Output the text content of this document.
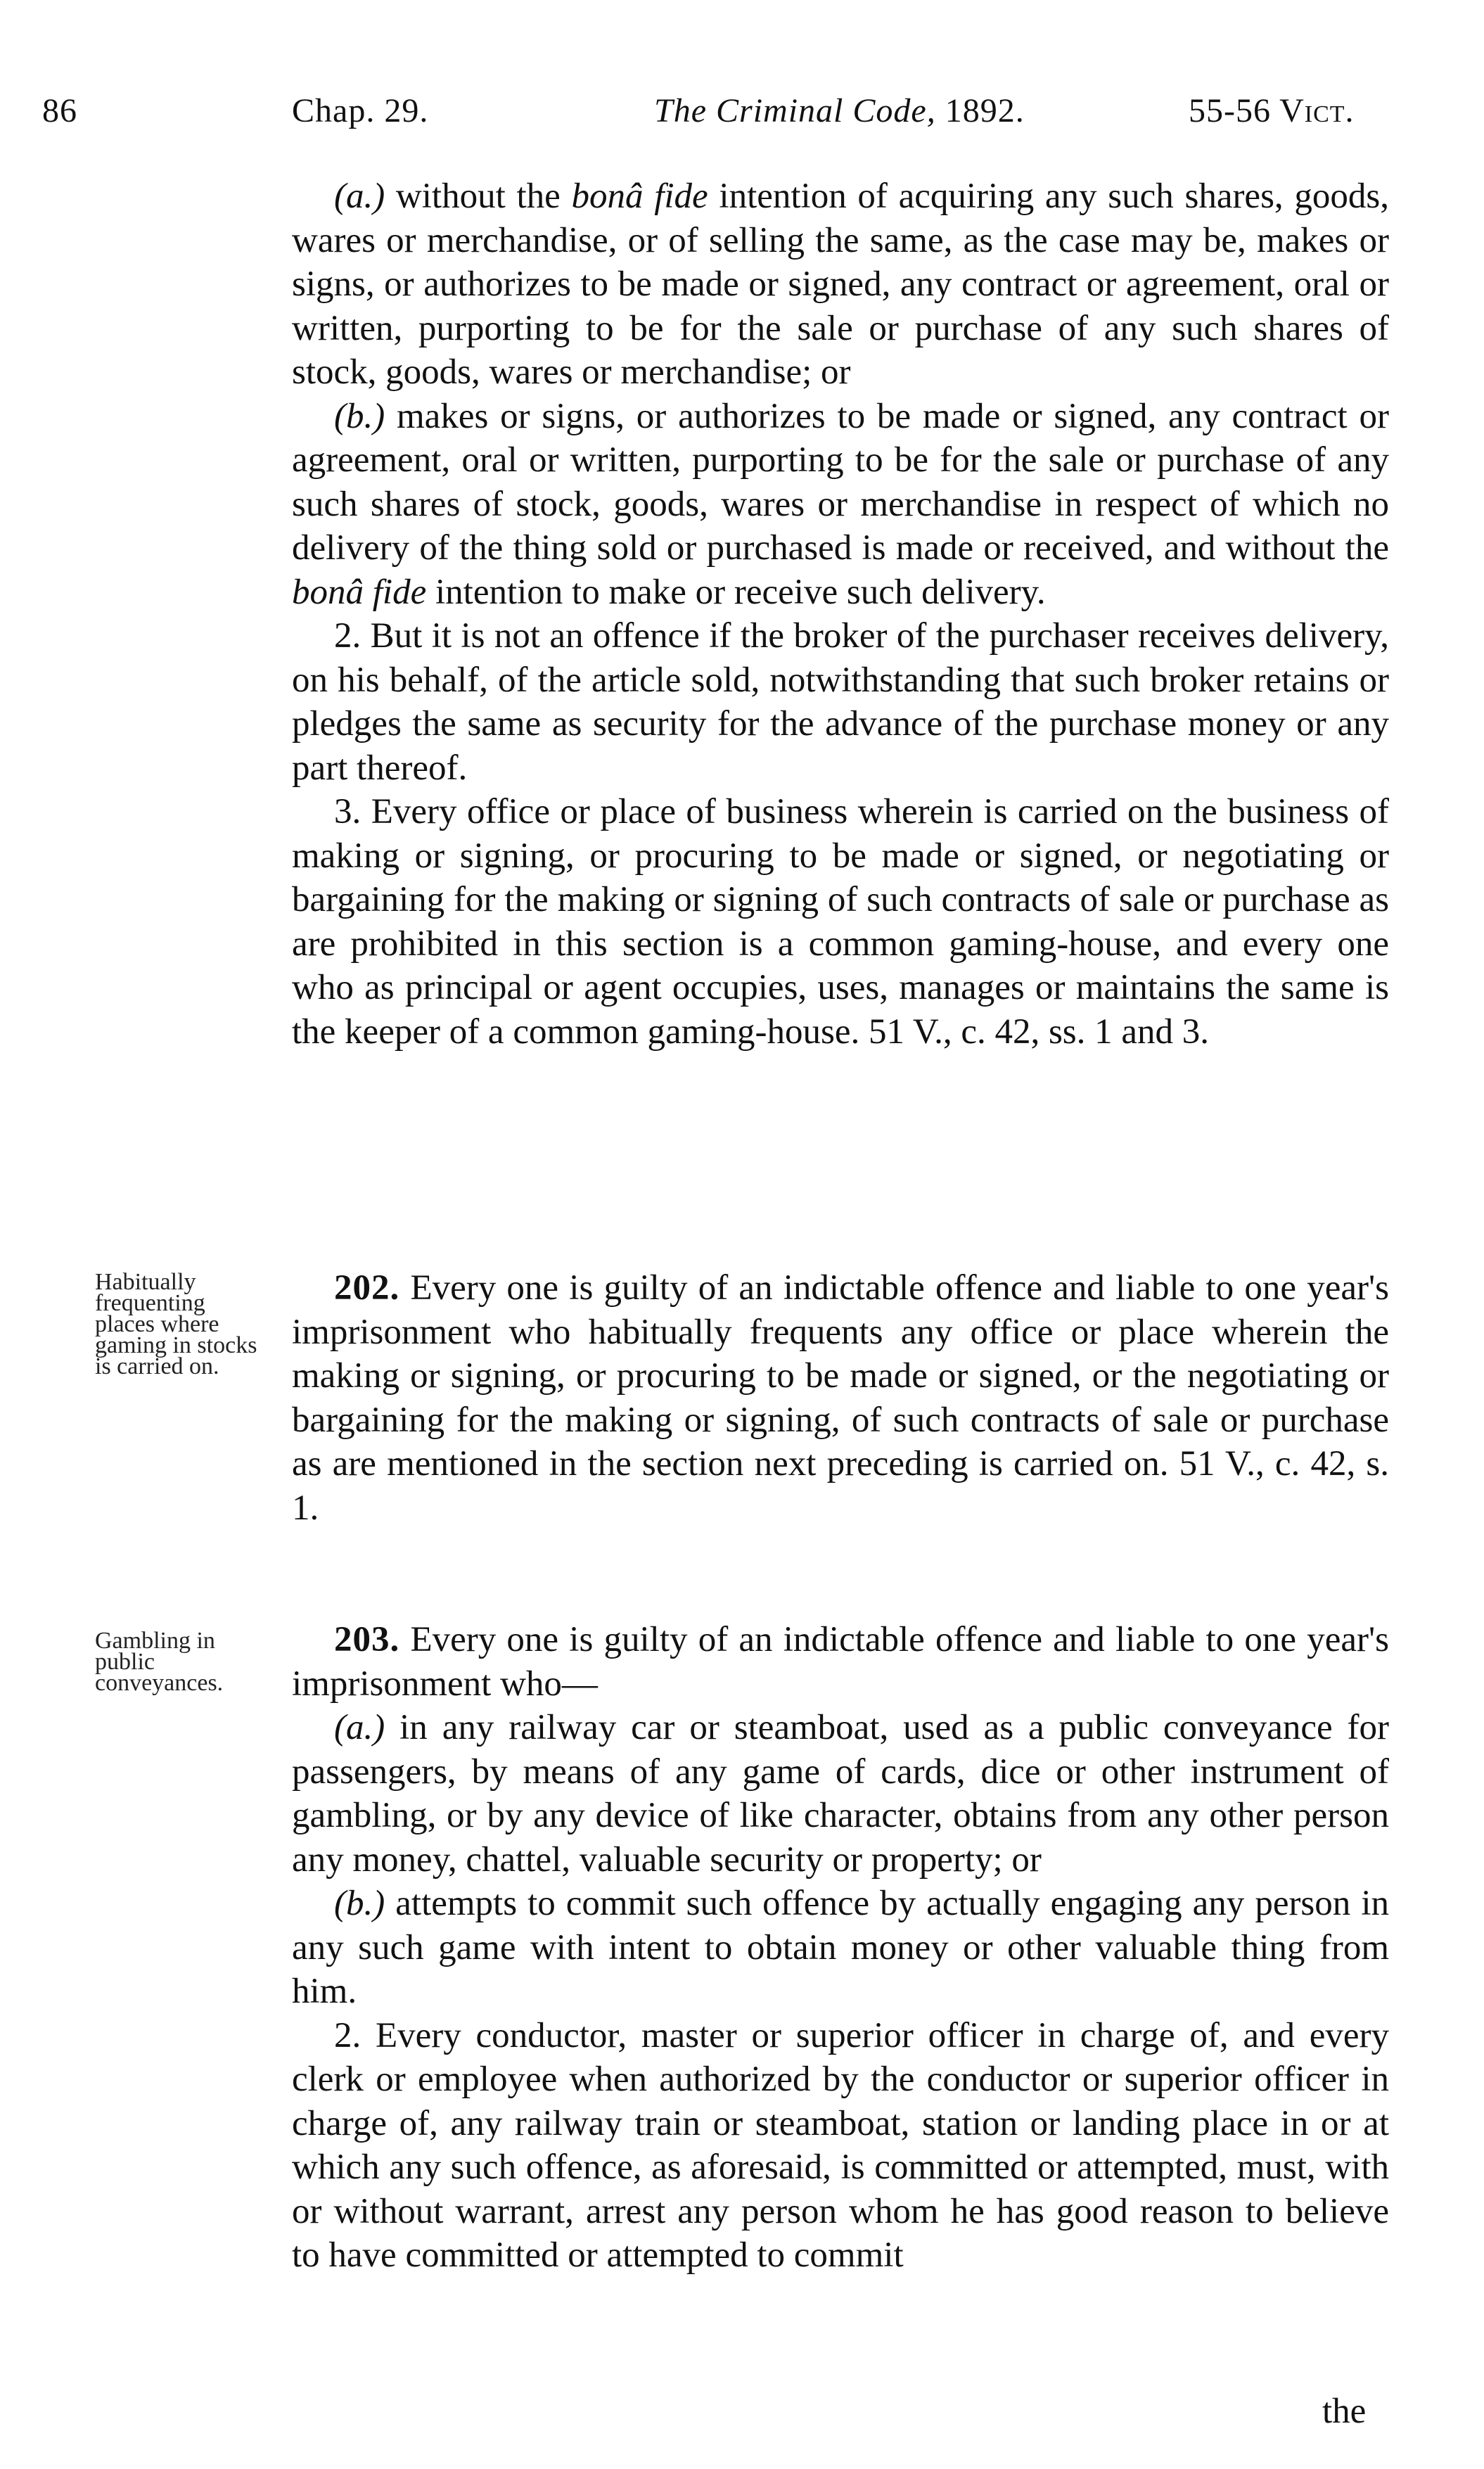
86	Chap. 29.	The Criminal Code, 1892.	55-56 Vict.

(a.) without the bonâ fide intention of acquiring any such shares, goods, wares or merchandise, or of selling the same, as the case may be, makes or signs, or authorizes to be made or signed, any contract or agreement, oral or written, purporting to be for the sale or purchase of any such shares of stock, goods, wares or merchandise; or

(b.) makes or signs, or authorizes to be made or signed, any contract or agreement, oral or written, purporting to be for the sale or purchase of any such shares of stock, goods, wares or merchandise in respect of which no delivery of the thing sold or purchased is made or received, and without the bonâ fide intention to make or receive such delivery.

2. But it is not an offence if the broker of the purchaser receives delivery, on his behalf, of the article sold, notwithstanding that such broker retains or pledges the same as security for the advance of the purchase money or any part thereof.

3. Every office or place of business wherein is carried on the business of making or signing, or procuring to be made or signed, or negotiating or bargaining for the making or signing of such contracts of sale or purchase as are prohibited in this section is a common gaming-house, and every one who as principal or agent occupies, uses, manages or maintains the same is the keeper of a common gaming-house. 51 V., c. 42, ss. 1 and 3.

Habitually frequenting places where gaming in stocks is carried on.

202. Every one is guilty of an indictable offence and liable to one year's imprisonment who habitually frequents any office or place wherein the making or signing, or procuring to be made or signed, or the negotiating or bargaining for the making or signing, of such contracts of sale or purchase as are mentioned in the section next preceding is carried on. 51 V., c. 42, s. 1.

Gambling in public conveyances.

203. Every one is guilty of an indictable offence and liable to one year's imprisonment who—

(a.) in any railway car or steamboat, used as a public conveyance for passengers, by means of any game of cards, dice or other instrument of gambling, or by any device of like character, obtains from any other person any money, chattel, valuable security or property; or

(b.) attempts to commit such offence by actually engaging any person in any such game with intent to obtain money or other valuable thing from him.

2. Every conductor, master or superior officer in charge of, and every clerk or employee when authorized by the conductor or superior officer in charge of, any railway train or steamboat, station or landing place in or at which any such offence, as aforesaid, is committed or attempted, must, with or without warrant, arrest any person whom he has good reason to believe to have committed or attempted to commit

the
